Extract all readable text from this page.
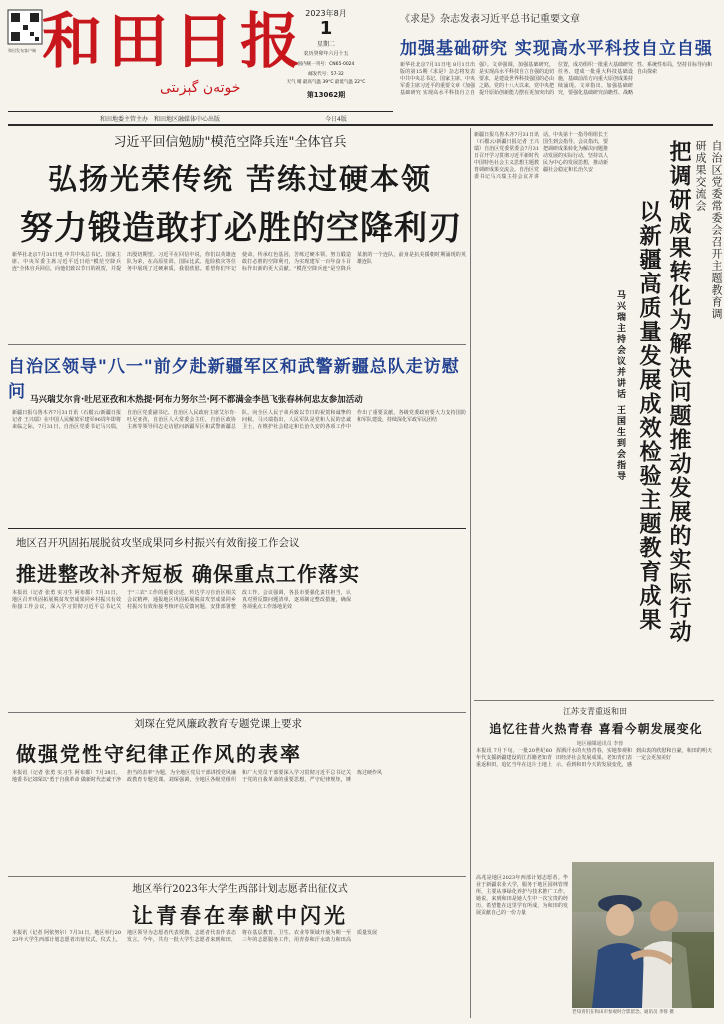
和田发布客户端 和田日报
خوتەن گېزىتى
2023年8月
1
星期二
农历癸卯年六月十五
国内统一刊号：CN65-0024
邮发代号：57-32
天气 晴 最高气温 39°C 最低气温 22°C
第13062期
和田地委主管主办　和田地区融媒体中心出版	今日4版
《求是》杂志发表习近平总书记重要文章
加强基础研究 实现高水平科技自立自强
新华社北京7月31日电 8月1日出版的第15期《求是》杂志将发表中共中央总书记、国家主席、中央军委主席习近平的重要文章《加强基础研究 实现高水平科技自立自强》。文章强调，加强基础研究，是实现高水平科技自立自强的迫切要求，是建设世界科技强国的必由之路。党的十八大以来，党中央把提升原始创新能力摆在更加突出的位置，成功组织一批重大基础研究任务、建成一批重大科技基础设施，基础前沿方向重大原创成果持续涌现。文章指出，加强基础研究，要强化基础研究前瞻性、战略性、系统性布局，坚持目标导向和自由探索
习近平回信勉励"模范空降兵连"全体官兵
弘扬光荣传统 苦练过硬本领
努力锻造敢打必胜的空降利刃
新华社北京7月31日电 中共中央总书记、国家主席、中央军委主席习近平近日给"模范空降兵连"全体官兵回信，向他们致以节日的祝贺，并提出殷切期望。习近平在回信中说，你们以英雄连队为荣，在高原驻训、国际比武、抢险救灾等任务中展现了过硬素质，我很欣慰。希望你们牢记使命，传承红色基因，苦练过硬本领，努力锻造敢打必胜的空降利刃，为实现建军一百年奋斗目标作出新的更大贡献。"模范空降兵连"是空降兵某旅的一个连队，前身是抗美援朝时期涌现的英雄连队
自治区领导"八一"前夕赴新疆军区和武警新疆总队走访慰问 马兴瑞艾尔肯·吐尼亚孜和木热提·阿布力努尔兰·阿不都满金李邑飞张春林何忠友参加活动
新疆日报乌鲁木齐7月31日讯（石榴云/新疆日报记者 王兴瑞）在中国人民解放军建军96周年即将来临之际，7月31日，自治区党委书记马兴瑞，自治区党委副书记、自治区人民政府主席艾尔肯·吐尼亚孜，自治区人大常委会主任，自治区政协主席等领导同志走访慰问新疆军区和武警新疆总队，向全区人民子弟兵致以节日的祝贺和诚挚的问候。马兴瑞指出，人民军队是党和人民的忠诚卫士，在维护社会稳定和长治久安的各项工作中作出了重要贡献，各级党委政府要大力支持国防和军队建设，持续深化军政军民团结
地区召开巩固拓展脱贫攻坚成果同乡村振兴有效衔接工作会议
推进整改补齐短板 确保重点工作落实
本报讯（记者 张勇 实习生 阿布都）7月31日，地区召开巩固拓展脱贫攻坚成果同乡村振兴有效衔接工作会议，深入学习贯彻习近平总书记关于"三农"工作的重要论述，传达学习自治区相关会议精神，通报地区巩固拓展脱贫攻坚成果同乡村振兴有效衔接考核评估反馈问题，安排部署整改工作。会议强调，各县市要强化责任担当，认真对照反馈问题清单，逐项制定整改措施，确保各项重点工作落地见效
刘琛在党风廉政教育专题党课上要求
做强党性守纪律正作风的表率
本报讯（记者 张勇 实习生 阿布都）7月28日，地委书记刘琛以"勇于自我革命 做新时代忠诚干净担当的表率"为题，为全地区党员干部讲授党风廉政教育专题党课。刘琛强调，全地区各级党组织和广大党员干部要深入学习贯彻习近平总书记关于党的自我革命的重要思想，严守纪律规矩，锤炼过硬作风
地区举行2023年大学生西部计划志愿者出征仪式
让青春在奉献中闪光
本报讯（记者 阿依努尔）7月31日，地区举行2023年大学生西部计划志愿者出征仪式。仪式上，地区领导为志愿者代表授旗，志愿者代表作表态发言。今年，共有一批大学生志愿者来到和田，将在基层教育、卫生、农业等领域开展为期一至三年的志愿服务工作，用青春和汗水助力和田高质量发展
自治区党委常委会召开主题教育调研成果交流会
把调研成果转化为解决问题推动发展的实际行动
以新疆高质量发展成效检验主题教育成果
马兴瑞主持会议并讲话 王国生到会指导
新疆日报乌鲁木齐7月31日讯（石榴云/新疆日报记者 王兴瑞）自治区党委常委会7月31日召开学习贯彻习近平新时代中国特色社会主义思想主题教育调研成果交流会。自治区党委书记马兴瑞主持会议并讲话。中央第十一指导组组长王国生到会指导。会议指出，要把调研成果转化为解决问题推动发展的实际行动，坚持以人民为中心的发展思想，推动新疆社会稳定和长治久安
江苏支青重返和田
追忆往昔火热青春 喜看今朝发展变化
地区融媒通讯员 李蓉
本报讯 7月下旬，一批20世纪60年代支援新疆建设的江苏籍老知青重返和田，追忆当年在这片土地上挥洒汗水的火热青春，实地参观和田经济社会发展成果。老知青们表示，看到和田今天的发展变化，感到由衷的欣慰和自豪，和田的明天一定会更加美好
高兆是地区2023年西部计划志愿者。毕业于新疆农业大学，服务于地区园林管理所，主要从事绿化养护与技术推广工作。她说，来到和田是她人生中一次宝贵的经历，希望能在这里学有所成，为和田的发展贡献自己的一份力量
老知青们在和田市参观时合影留念。通讯员 李蓉 摄
